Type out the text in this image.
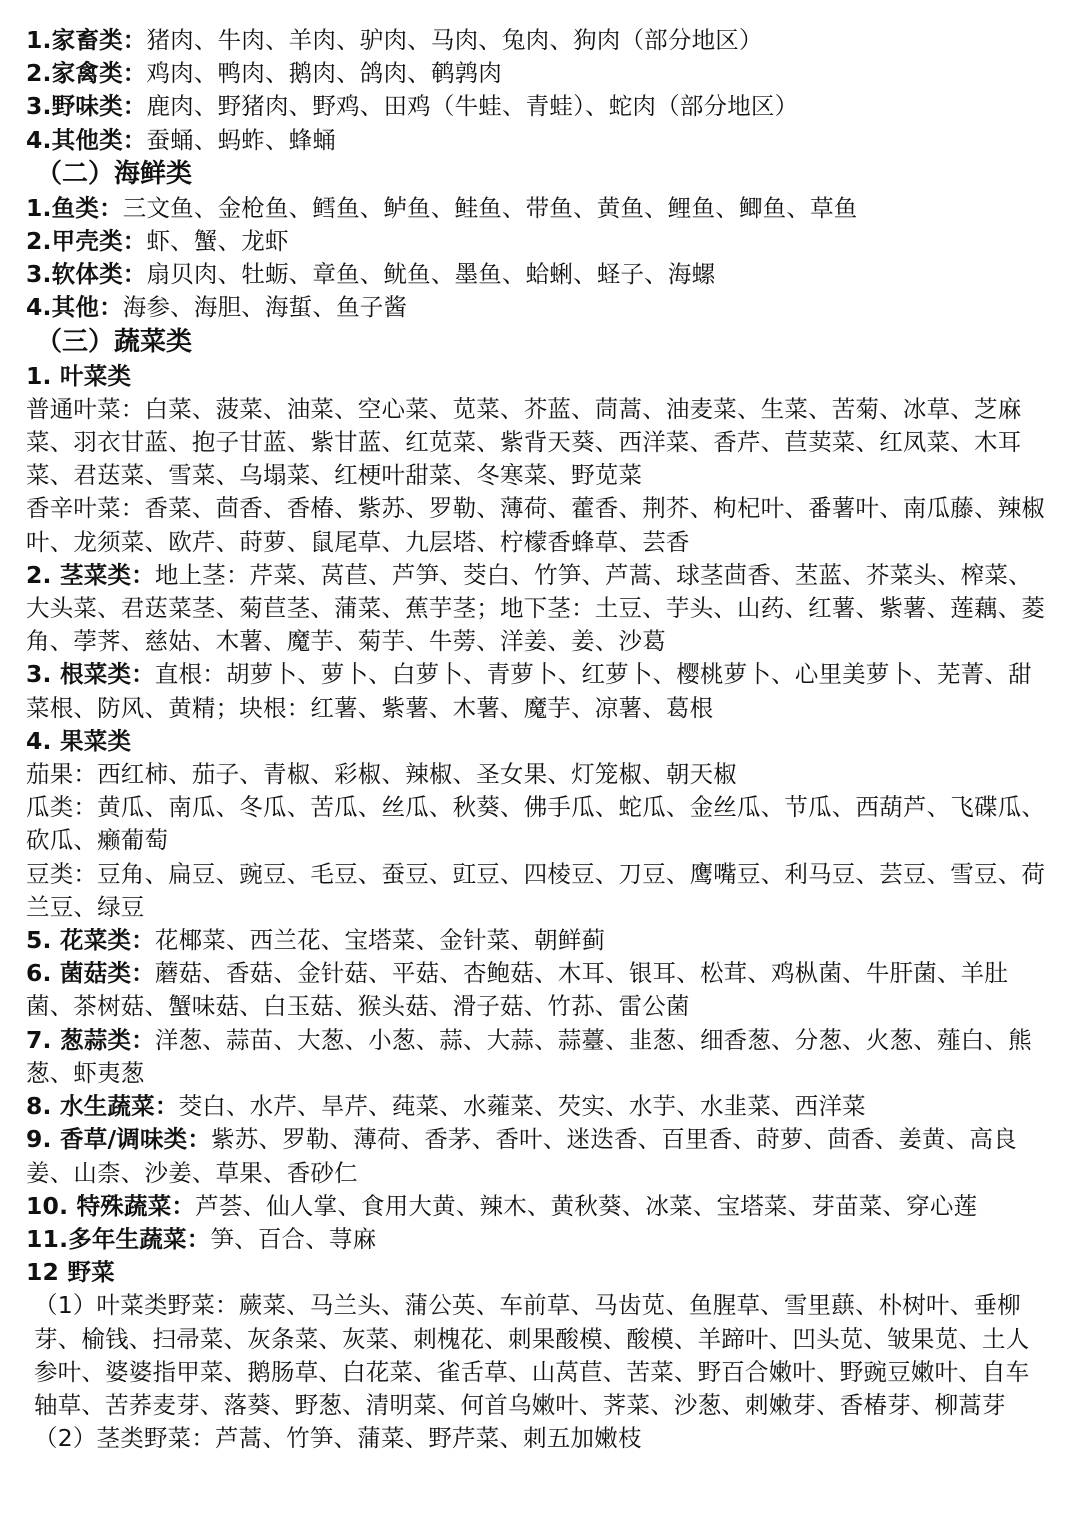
1.家畜类：猪肉、牛肉、羊肉、驴肉、马肉、兔肉、狗肉（部分地区）
2.家禽类：鸡肉、鸭肉、鹅肉、鸽肉、鹌鹑肉
3.野味类：鹿肉、野猪肉、野鸡、田鸡（牛蛙、青蛙）、蛇肉（部分地区）
4.其他类：蚕蛹、蚂蚱、蜂蛹
（二）海鲜类
1.鱼类：三文鱼、金枪鱼、鳕鱼、鲈鱼、鲑鱼、带鱼、黄鱼、鲤鱼、鲫鱼、草鱼
2.甲壳类：虾、蟹、龙虾
3.软体类：扇贝肉、牡蛎、章鱼、鱿鱼、墨鱼、蛤蜊、蛏子、海螺
4.其他：海参、海胆、海蜇、鱼子酱
（三）蔬菜类
1. 叶菜类
普通叶菜：白菜、菠菜、油菜、空心菜、苋菜、芥蓝、茼蒿、油麦菜、生菜、苦菊、冰草、芝麻菜、羽衣甘蓝、抱子甘蓝、紫甘蓝、红苋菜、紫背天葵、西洋菜、香芹、苣荬菜、红凤菜、木耳菜、君荙菜、雪菜、乌塌菜、红梗叶甜菜、冬寒菜、野苋菜
香辛叶菜：香菜、茴香、香椿、紫苏、罗勒、薄荷、藿香、荆芥、枸杞叶、番薯叶、南瓜藤、辣椒叶、龙须菜、欧芹、莳萝、鼠尾草、九层塔、柠檬香蜂草、芸香
2. 茎菜类：地上茎：芹菜、莴苣、芦笋、茭白、竹笋、芦蒿、球茎茴香、苤蓝、芥菜头、榨菜、大头菜、君荙菜茎、菊苣茎、蒲菜、蕉芋茎；地下茎：土豆、芋头、山药、红薯、紫薯、莲藕、菱角、荸荠、慈姑、木薯、魔芋、菊芋、牛蒡、洋姜、姜、沙葛
3. 根菜类：直根：胡萝卜、萝卜、白萝卜、青萝卜、红萝卜、樱桃萝卜、心里美萝卜、芜菁、甜菜根、防风、黄精；块根：红薯、紫薯、木薯、魔芋、凉薯、葛根
4. 果菜类
茄果：西红柿、茄子、青椒、彩椒、辣椒、圣女果、灯笼椒、朝天椒
瓜类：黄瓜、南瓜、冬瓜、苦瓜、丝瓜、秋葵、佛手瓜、蛇瓜、金丝瓜、节瓜、西葫芦、飞碟瓜、砍瓜、癞葡萄
豆类：豆角、扁豆、豌豆、毛豆、蚕豆、豇豆、四棱豆、刀豆、鹰嘴豆、利马豆、芸豆、雪豆、荷兰豆、绿豆
5. 花菜类：花椰菜、西兰花、宝塔菜、金针菜、朝鲜蓟
6. 菌菇类：蘑菇、香菇、金针菇、平菇、杏鲍菇、木耳、银耳、松茸、鸡枞菌、牛肝菌、羊肚菌、茶树菇、蟹味菇、白玉菇、猴头菇、滑子菇、竹荪、雷公菌
7. 葱蒜类：洋葱、蒜苗、大葱、小葱、蒜、大蒜、蒜薹、韭葱、细香葱、分葱、火葱、薤白、熊葱、虾夷葱
8. 水生蔬菜：茭白、水芹、旱芹、莼菜、水蕹菜、芡实、水芋、水韭菜、西洋菜
9. 香草/调味类：紫苏、罗勒、薄荷、香茅、香叶、迷迭香、百里香、莳萝、茴香、姜黄、高良姜、山柰、沙姜、草果、香砂仁
10. 特殊蔬菜：芦荟、仙人掌、食用大黄、辣木、黄秋葵、冰菜、宝塔菜、芽苗菜、穿心莲
11.多年生蔬菜：笋、百合、荨麻
12 野菜
（1）叶菜类野菜：蕨菜、马兰头、蒲公英、车前草、马齿苋、鱼腥草、雪里蕻、朴树叶、垂柳芽、榆钱、扫帚菜、灰条菜、灰菜、刺槐花、刺果酸模、酸模、羊蹄叶、凹头苋、皱果苋、土人参叶、婆婆指甲菜、鹅肠草、白花菜、雀舌草、山莴苣、苦菜、野百合嫩叶、野豌豆嫩叶、自车轴草、苦荞麦芽、落葵、野葱、清明菜、何首乌嫩叶、荠菜、沙葱、刺嫩芽、香椿芽、柳蒿芽
（2）茎类野菜：芦蒿、竹笋、蒲菜、野芹菜、刺五加嫩枝
